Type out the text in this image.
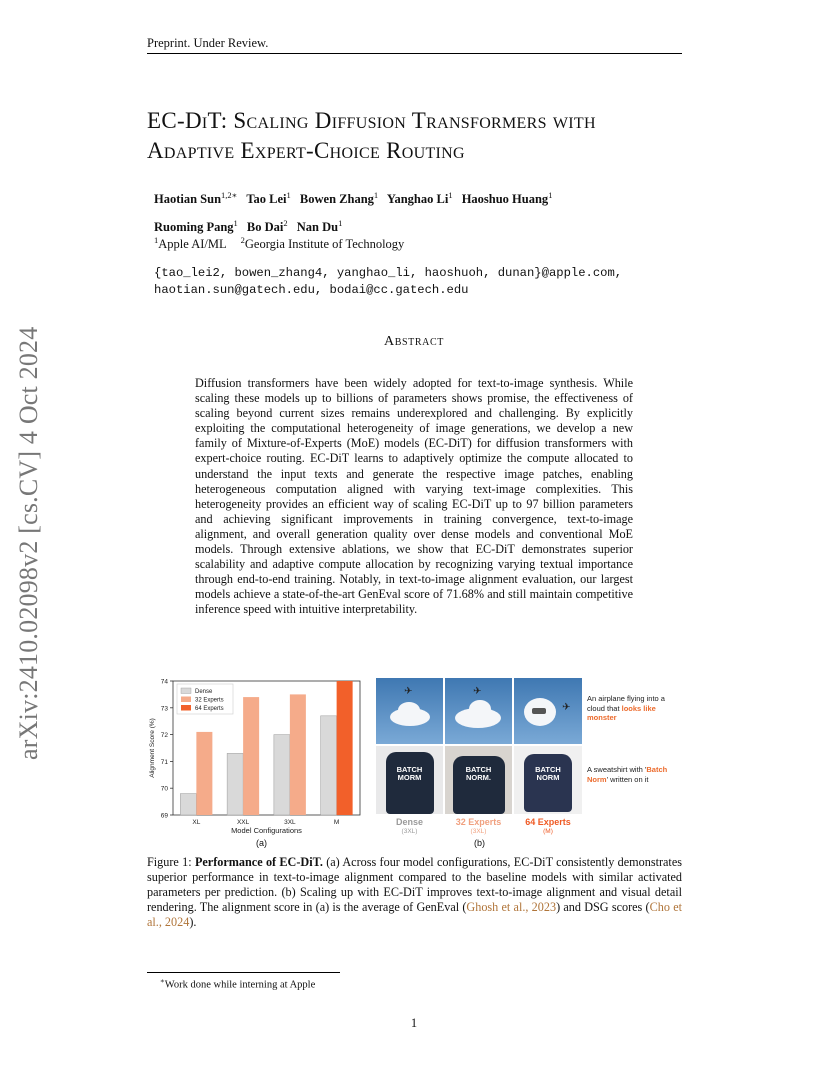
Preprint. Under Review.
arXiv:2410.02098v2 [cs.CV] 4 Oct 2024
EC-DiT: Scaling Diffusion Transformers with
Adaptive Expert-Choice Routing
Haotian Sun$^{1,2∗}$ Tao Lei$^1$ Bowen Zhang$^1$ Yanghao Li$^1$ Haoshuo Huang$^1$
Ruoming Pang$^1$ Bo Dai$^2$ Nan Du$^1$
$^1$Apple AI/ML $^2$Georgia Institute of Technology
{tao_lei2, bowen_zhang4, yanghao_li, haoshuoh, dunan}@apple.com,
haotian.sun@gatech.edu, bodai@cc.gatech.edu
Abstract
Diffusion transformers have been widely adopted for text-to-image synthesis. While scaling these models up to billions of parameters shows promise, the effectiveness of scaling beyond current sizes remains underexplored and challenging. By explicitly exploiting the computational heterogeneity of image generations, we develop a new family of Mixture-of-Experts (MoE) models (EC-DiT) for diffusion transformers with expert-choice routing. EC-DiT learns to adaptively optimize the compute allocated to understand the input texts and generate the respective image patches, enabling heterogeneous computation aligned with varying text-image complexities. This heterogeneity provides an efficient way of scaling EC-DiT up to 97 billion parameters and achieving significant improvements in training convergence, text-to-image alignment, and overall generation quality over dense models and conventional MoE models. Through extensive ablations, we show that EC-DiT demonstrates superior scalability and adaptive compute allocation by recognizing varying textual importance through end-to-end training. Notably, in text-to-image alignment evaluation, our largest models achieve a state-of-the-art GenEval score of 71.68% and still maintain competitive inference speed with intuitive interpretability.
69
70
71
72
73
74
Alignment Score (%)
XL	XXL	3XL	M
Model Configurations
Dense
32 Experts
64 Experts
(a)
✈	✈
✈
BATCH MORM
BATCH NORM.
BATCH NORM
An airplane flying into a cloud that looks like monster
A sweatshirt with 'Batch Norm' written on it
Dense
(3XL)
32 Experts
(3XL)
64 Experts
(M)
(b)
Figure 1: Performance of EC-DiT. (a) Across four model configurations, EC-DiT consistently demonstrates superior performance in text-to-image alignment compared to the baseline models with similar activated parameters per prediction. (b) Scaling up with EC-DiT improves text-to-image alignment and visual detail rendering. The alignment score in (a) is the average of GenEval (Ghosh et al., 2023) and DSG scores (Cho et al., 2024).
∗Work done while interning at Apple
1
